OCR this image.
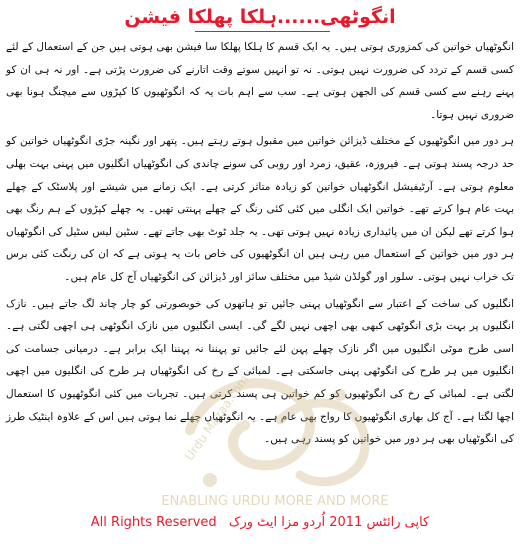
انگوٹھی......ہلکا پھلکا فیشن

انگوٹھیاں خواتین کی کمزوری ہوتی ہیں۔ یہ ایک قسم کا ہلکا پھلکا سا فیشن بھی ہوتی ہیں جن کے استعمال کے لئے کسی قسم کے تردد کی ضرورت نہیں ہوتی۔ نہ تو انہیں سوتے وقت اتارنے کی ضرورت پڑتی ہے۔ اور نہ ہی ان کو پہنے رہنے سے کسی قسم کی الجھن ہوتی ہے۔ سب سے اہم بات یہ کہ انگوٹھیوں کا کپڑوں سے میچنگ ہونا بھی ضروری نہیں ہوتا۔

ہر دور میں انگوٹھیوں کے مختلف ڈیزائن خواتین میں مقبول ہوتے رہتے ہیں۔ پتھر اور نگینہ جڑی انگوٹھیاں خواتین کو حد درجہ پسند ہوتی ہے۔ فیروزہ، عقیق، زمرد اور روبی کی سونے چاندی کی انگوٹھیاں انگلیوں میں پہنی بہت بھلی معلوم ہوتی ہے۔ آرٹیفیشل انگوٹھیاں خواتین کو زیادہ متاثر کرتی ہے۔ ایک زمانے میں شیشے اور پلاسٹک کے چھلے بہت عام ہوا کرتے تھے۔ خواتین ایک انگلی میں کئی کئی رنگ کے چھلے پہنتی تھیں۔ یہ چھلے کپڑوں کے ہم رنگ بھی ہوا کرتے تھے لیکن ان میں پائیداری زیادہ نہیں ہوتی تھی۔ یہ جلد ٹوٹ بھی جاتے تھے۔ سٹین لیس سٹیل کی انگوٹھیاں ہر دور میں خواتین کے استعمال میں رہی ہیں ان انگوٹھیوں کی خاص بات یہ ہوتی ہے کہ ان کی رنگت کئی برس تک خراب نہیں ہوتی۔ سلور اور گولڈن شیڈ میں مختلف سائز اور ڈیزائن کی انگوٹھیاں آج کل عام ہیں۔

انگلیوں کی ساخت کے اعتبار سے انگوٹھیاں پہنی جائیں تو ہاتھوں کی خوبصورتی کو چار چاند لگ جاتے ہیں۔ نازک انگلیوں پر بہت بڑی انگوٹھی کبھی بھی اچھی نہیں لگے گی۔ ایسی انگلیوں میں نازک انگوٹھی ہی اچھی لگتی ہے۔ اسی طرح موٹی انگلیوں میں اگر نازک چھلے پہن لئے جائیں تو پہننا نہ پہننا ایک برابر ہے۔ درمیانی جسامت کی انگلیوں میں ہر طرح کی انگوٹھی پہنی جاسکتی ہے۔ لمبائی کے رخ کی انگوٹھیاں ہر طرح کی انگلیوں میں اچھی لگتی ہے۔ لمبائی کے رخ کی انگوٹھیوں کو کم خواتین ہی پسند کرتی ہیں۔ تجربات میں کئی انگوٹھیوں کا استعمال اچھا لگتا ہے۔ آج کل بھاری انگوٹھیوں کا رواج بھی عام ہے۔ یہ انگوٹھیاں چھلے نما ہوتی ہیں اس کے علاوہ اینٹیک طرز کی انگوٹھیاں بھی ہر دور میں خواتین کو پسند رہی ہیں۔

ENABLING URDU MORE AND MORE
Urdu Mazaa.com
All Rights Reserved کاپی رائٹس 2011 اُردو مزا ایٹ ورک
